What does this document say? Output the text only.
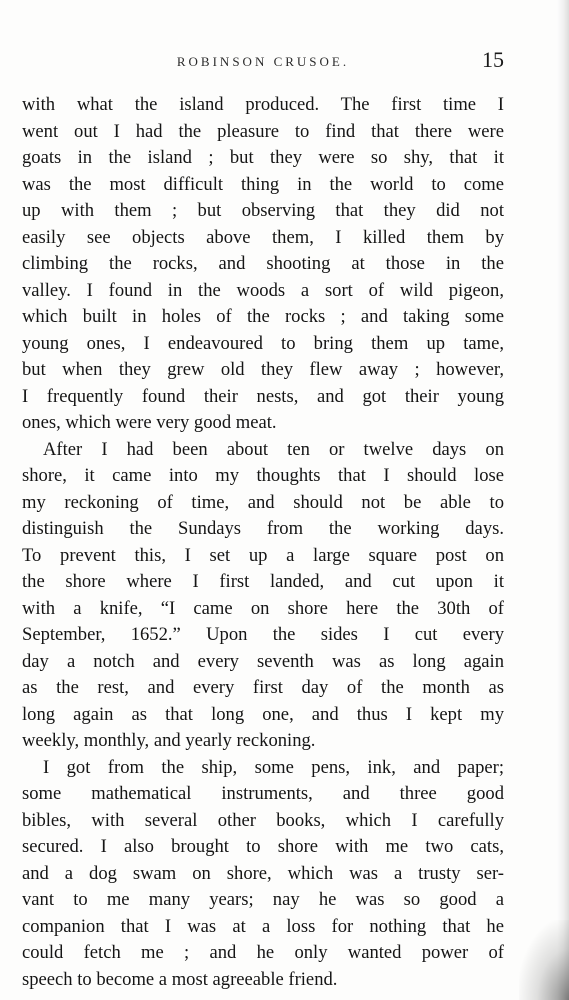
ROBINSON CRUSOE.	15
with what the island produced. The first time I
went out I had the pleasure to find that there were
goats in the island ; but they were so shy, that it
was the most difficult thing in the world to come
up with them ; but observing that they did not
easily see objects above them, I killed them by
climbing the rocks, and shooting at those in the
valley. I found in the woods a sort of wild pigeon,
which built in holes of the rocks ; and taking some
young ones, I endeavoured to bring them up tame,
but when they grew old they flew away ; however,
I frequently found their nests, and got their young
ones, which were very good meat.
After I had been about ten or twelve days on
shore, it came into my thoughts that I should lose
my reckoning of time, and should not be able to
distinguish the Sundays from the working days.
To prevent this, I set up a large square post on
the shore where I first landed, and cut upon it
with a knife, “I came on shore here the 30th of
September, 1652.” Upon the sides I cut every
day a notch and every seventh was as long again
as the rest, and every first day of the month as
long again as that long one, and thus I kept my
weekly, monthly, and yearly reckoning.
I got from the ship, some pens, ink, and paper;
some mathematical instruments, and three good
bibles, with several other books, which I carefully
secured. I also brought to shore with me two cats,
and a dog swam on shore, which was a trusty ser-
vant to me many years; nay he was so good a
companion that I was at a loss for nothing that he
could fetch me ; and he only wanted power of
speech to become a most agreeable friend.
